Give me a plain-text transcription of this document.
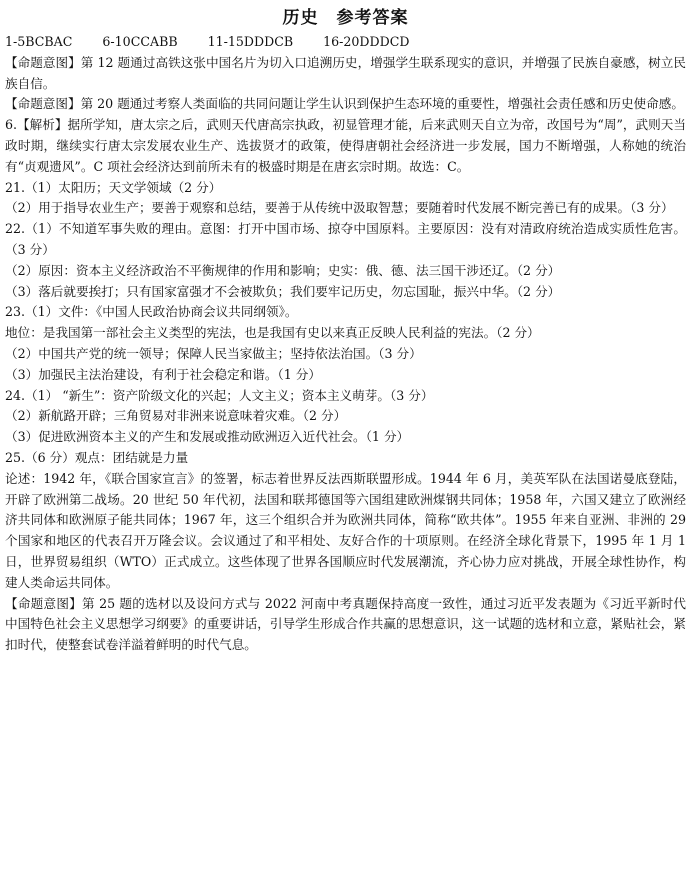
历史 参考答案

1-5BCBAC 6-10CCABB 11-15DDDCB 16-20DDDCD

【命题意图】第 12 题通过高铁这张中国名片为切入口追溯历史，增强学生联系现实的意识，并增强了民族自豪感，树立民族自信。

【命题意图】第 20 题通过考察人类面临的共同问题让学生认识到保护生态环境的重要性，增强社会责任感和历史使命感。

6.【解析】据所学知，唐太宗之后，武则天代唐高宗执政，初显管理才能，后来武则天自立为帝，改国号为“周”，武则天当政时期，继续实行唐太宗发展农业生产、选拔贤才的政策，使得唐朝社会经济进一步发展，国力不断增强，人称她的统治有“贞观遗风”。C 项社会经济达到前所未有的极盛时期是在唐玄宗时期。故选：C。

21.（1）太阳历；天文学领域（2 分）

（2）用于指导农业生产；要善于观察和总结，要善于从传统中汲取智慧；要随着时代发展不断完善已有的成果。（3 分）

22.（1）不知道军事失败的理由。意图：打开中国市场、掠夺中国原料。主要原因：没有对清政府统治造成实质性危害。（3 分）

（2）原因：资本主义经济政治不平衡规律的作用和影响；史实：俄、德、法三国干涉还辽。（2 分）

（3）落后就要挨打；只有国家富强才不会被欺负；我们要牢记历史，勿忘国耻，振兴中华。（2 分）

23.（1）文件：《中国人民政治协商会议共同纲领》。

地位：是我国第一部社会主义类型的宪法，也是我国有史以来真正反映人民利益的宪法。（2 分）

（2）中国共产党的统一领导；保障人民当家做主；坚持依法治国。（3 分）

（3）加强民主法治建设，有利于社会稳定和谐。（1 分）

24.（1） “新生”：资产阶级文化的兴起；人文主义；资本主义萌芽。（3 分）

（2）新航路开辟；三角贸易对非洲来说意味着灾难。（2 分）

（3）促进欧洲资本主义的产生和发展或推动欧洲迈入近代社会。（1 分）

25.（6 分）观点：团结就是力量

论述：1942 年，《联合国家宣言》的签署，标志着世界反法西斯联盟形成。1944 年 6 月，美英军队在法国诺曼底登陆，开辟了欧洲第二战场。20 世纪 50 年代初，法国和联邦德国等六国组建欧洲煤钢共同体；1958 年，六国又建立了欧洲经济共同体和欧洲原子能共同体；1967 年，这三个组织合并为欧洲共同体，简称“欧共体”。1955 年来自亚洲、非洲的 29 个国家和地区的代表召开万隆会议。会议通过了和平相处、友好合作的十项原则。在经济全球化背景下，1995 年 1 月 1 日，世界贸易组织（WTO）正式成立。这些体现了世界各国顺应时代发展潮流，齐心协力应对挑战，开展全球性协作，构建人类命运共同体。

【命题意图】第 25 题的选材以及设问方式与 2022 河南中考真题保持高度一致性，通过习近平发表题为《习近平新时代中国特色社会主义思想学习纲要》的重要讲话，引导学生形成合作共赢的思想意识，这一试题的选材和立意，紧贴社会，紧扣时代，使整套试卷洋溢着鲜明的时代气息。
